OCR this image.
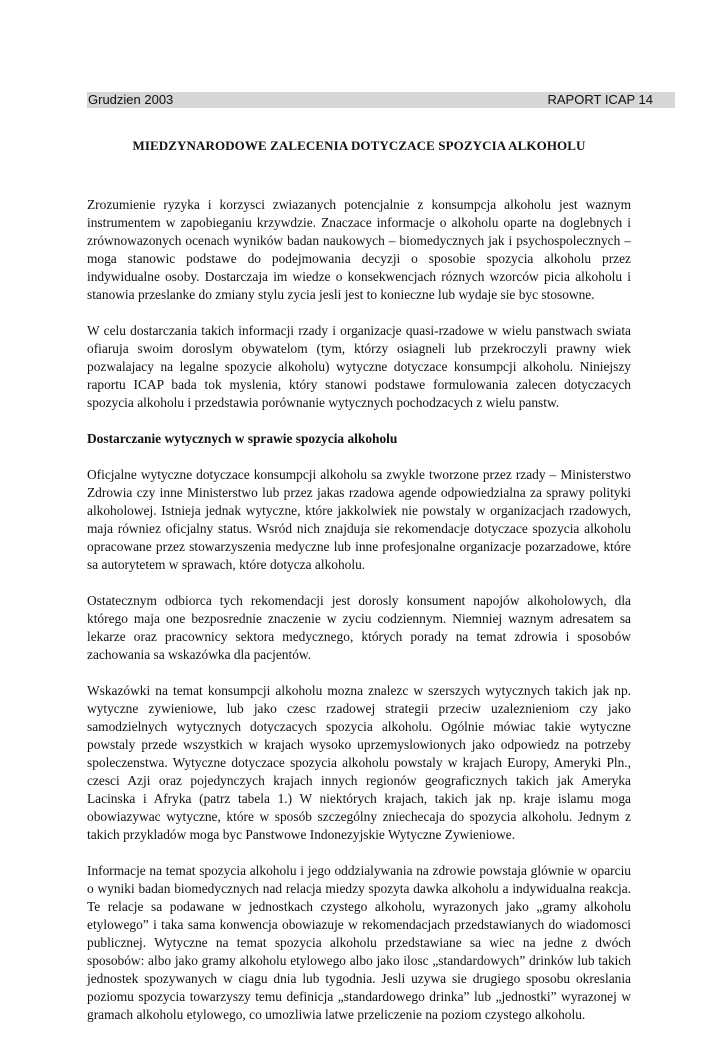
Grudzien 2003	RAPORT ICAP 14
MIEDZYNARODOWE ZALECENIA DOTYCZACE SPOZYCIA ALKOHOLU

Zrozumienie ryzyka i korzysci zwiazanych potencjalnie z konsumpcja alkoholu jest waznym instrumentem w zapobieganiu krzywdzie. Znaczace informacje o alkoholu oparte na doglebnych i zrównowazonych ocenach wyników badan naukowych – biomedycznych jak i psychospolecznych – moga stanowic podstawe do podejmowania decyzji o sposobie spozycia alkoholu przez indywidualne osoby. Dostarczaja im wiedze o konsekwencjach róznych wzorców picia alkoholu i stanowia przeslanke do zmiany stylu zycia jesli jest to konieczne lub wydaje sie byc stosowne.

W celu dostarczania takich informacji rzady i organizacje quasi-rzadowe w wielu panstwach swiata ofiaruja swoim doroslym obywatelom (tym, którzy osiagneli lub przekroczyli prawny wiek pozwalajacy na legalne spozycie alkoholu) wytyczne dotyczace konsumpcji alkoholu. Niniejszy raportu ICAP bada tok myslenia, który stanowi podstawe formulowania zalecen dotyczacych spozycia alkoholu i przedstawia porównanie wytycznych pochodzacych z wielu panstw.

Dostarczanie wytycznych w sprawie spozycia alkoholu

Oficjalne wytyczne dotyczace konsumpcji alkoholu sa zwykle tworzone przez rzady – Ministerstwo Zdrowia czy inne Ministerstwo lub przez jakas rzadowa agende odpowiedzialna za sprawy polityki alkoholowej. Istnieja jednak wytyczne, które jakkolwiek nie powstaly w organizacjach rzadowych, maja równiez oficjalny status. Wsród nich znajduja sie rekomendacje dotyczace spozycia alkoholu opracowane przez stowarzyszenia medyczne lub inne profesjonalne organizacje pozarzadowe, które sa autorytetem w sprawach, które dotycza alkoholu.

Ostatecznym odbiorca tych rekomendacji jest dorosly konsument napojów alkoholowych, dla którego maja one bezposrednie znaczenie w zyciu codziennym. Niemniej waznym adresatem sa lekarze oraz pracownicy sektora medycznego, których porady na temat zdrowia i sposobów zachowania sa wskazówka dla pacjentów.

Wskazówki na temat konsumpcji alkoholu mozna znalezc w szerszych wytycznych takich jak np. wytyczne zywieniowe, lub jako czesc rzadowej strategii przeciw uzaleznieniom czy jako samodzielnych wytycznych dotyczacych spozycia alkoholu. Ogólnie mówiac takie wytyczne powstaly przede wszystkich w krajach wysoko uprzemyslowionych jako odpowiedz na potrzeby spoleczenstwa. Wytyczne dotyczace spozycia alkoholu powstaly w krajach Europy, Ameryki Pln., czesci Azji oraz pojedynczych krajach innych regionów geograficznych takich jak Ameryka Lacinska i Afryka (patrz tabela 1.) W niektórych krajach, takich jak np. kraje islamu moga obowiazywac wytyczne, które w sposób szczególny zniechecaja do spozycia alkoholu. Jednym z takich przykladów moga byc Panstwowe Indonezyjskie Wytyczne Zywieniowe.

Informacje na temat spozycia alkoholu i jego oddzialywania na zdrowie powstaja glównie w oparciu o wyniki badan biomedycznych nad relacja miedzy spozyta dawka alkoholu a indywidualna reakcja. Te relacje sa podawane w jednostkach czystego alkoholu, wyrazonych jako „gramy alkoholu etylowego” i taka sama konwencja obowiazuje w rekomendacjach przedstawianych do wiadomosci publicznej. Wytyczne na temat spozycia alkoholu przedstawiane sa wiec na jedne z dwóch sposobów: albo jako gramy alkoholu etylowego albo jako ilosc „standardowych” drinków lub takich jednostek spozywanych w ciagu dnia lub tygodnia. Jesli uzywa sie drugiego sposobu okreslania poziomu spozycia towarzyszy temu definicja „standardowego drinka” lub „jednostki” wyrazonej w gramach alkoholu etylowego, co umozliwia latwe przeliczenie na poziom czystego alkoholu.
